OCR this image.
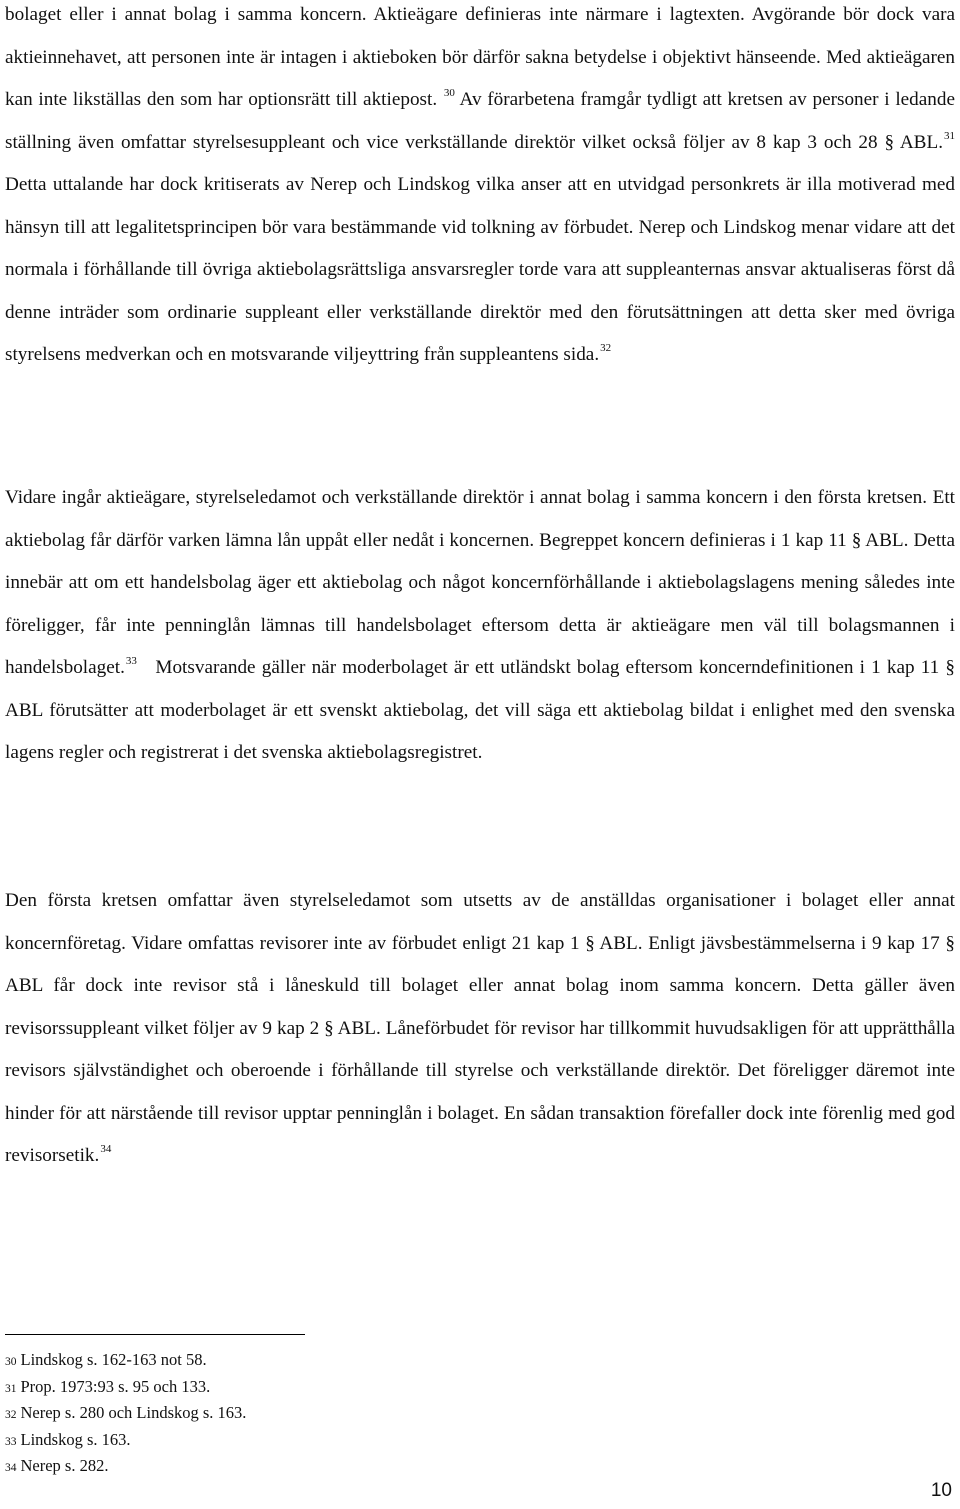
bolaget eller i annat bolag i samma koncern. Aktieägare definieras inte närmare i lagtexten. Avgörande bör dock vara aktieinnehavet, att personen inte är intagen i aktieboken bör därför sakna betydelse i objektivt hänseende. Med aktieägaren kan inte likställas den som har optionsrätt till aktiepost. $^{30}$ Av förarbetena framgår tydligt att kretsen av personer i ledande ställning även omfattar styrelsesuppleant och vice verkställande direktör vilket också följer av 8 kap 3 och 28 § ABL.$^{31}$ Detta uttalande har dock kritiserats av Nerep och Lindskog vilka anser att en utvidgad personkrets är illa motiverad med hänsyn till att legalitetsprincipen bör vara bestämmande vid tolkning av förbudet. Nerep och Lindskog menar vidare att det normala i förhållande till övriga aktiebolagsrättsliga ansvarsregler torde vara att suppleanternas ansvar aktualiseras först då denne inträder som ordinarie suppleant eller verkställande direktör med den förutsättningen att detta sker med övriga styrelsens medverkan och en motsvarande viljeyttring från suppleantens sida.$^{32}$

Vidare ingår aktieägare, styrelseledamot och verkställande direktör i annat bolag i samma koncern i den första kretsen. Ett aktiebolag får därför varken lämna lån uppåt eller nedåt i koncernen. Begreppet koncern definieras i 1 kap 11 § ABL. Detta innebär att om ett handelsbolag äger ett aktiebolag och något koncernförhållande i aktiebolagslagens mening således inte föreligger, får inte penninglån lämnas till handelsbolaget eftersom detta är aktieägare men väl till bolagsmannen i handelsbolaget.$^{33}$ Motsvarande gäller när moderbolaget är ett utländskt bolag eftersom koncerndefinitionen i 1 kap 11 § ABL förutsätter att moderbolaget är ett svenskt aktiebolag, det vill säga ett aktiebolag bildat i enlighet med den svenska lagens regler och registrerat i det svenska aktiebolagsregistret.

Den första kretsen omfattar även styrelseledamot som utsetts av de anställdas organisationer i bolaget eller annat koncernföretag. Vidare omfattas revisorer inte av förbudet enligt 21 kap 1 § ABL. Enligt jävsbestämmelserna i 9 kap 17 § ABL får dock inte revisor stå i låneskuld till bolaget eller annat bolag inom samma koncern. Detta gäller även revisorssuppleant vilket följer av 9 kap 2 § ABL. Låneförbudet för revisor har tillkommit huvudsakligen för att upprätthålla revisors självständighet och oberoende i förhållande till styrelse och verkställande direktör. Det föreligger däremot inte hinder för att närstående till revisor upptar penninglån i bolaget. En sådan transaktion förefaller dock inte förenlig med god revisorsetik.$^{34}$

30 Lindskog s. 162-163 not 58.

31 Prop. 1973:93 s. 95 och 133.

32 Nerep s. 280 och Lindskog s. 163.

33 Lindskog s. 163.

34 Nerep s. 282.

10
